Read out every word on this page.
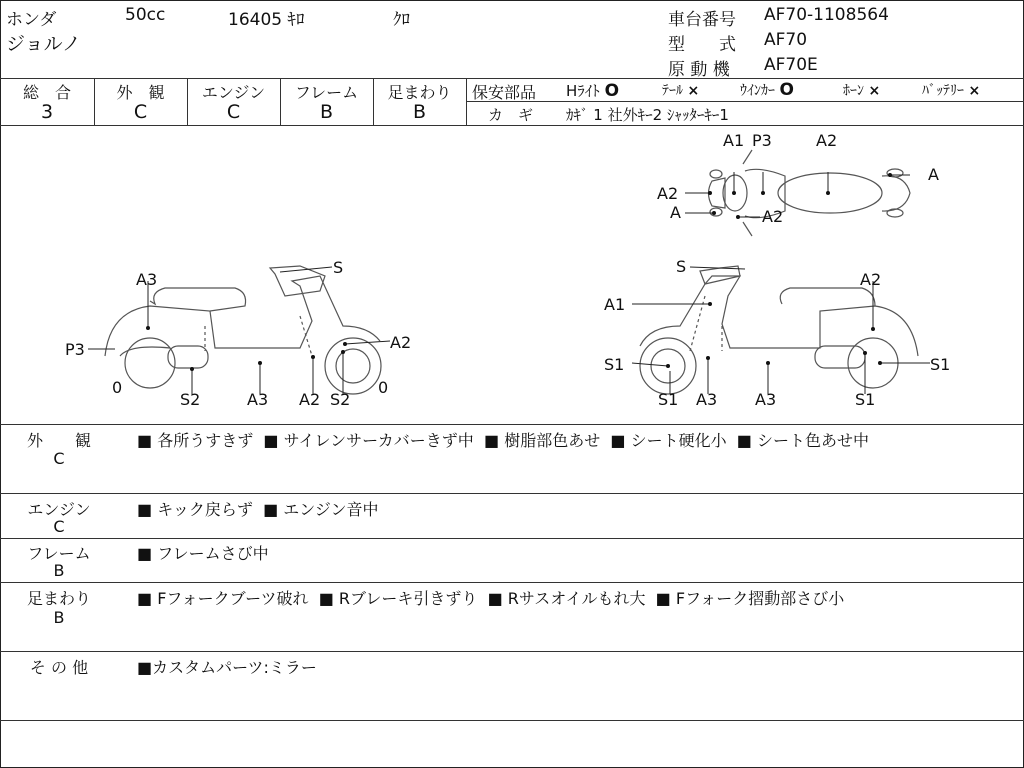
ホンダ	50cc	16405 ｷﾛ	ｸﾛ
ジョルノ
車台番号 AF70-1108564
型　　式 AF70
原 動 機 AF70E
総　合
3
外　観
C
エンジン
C
フレーム
B
足まわり
B
保安部品 Hﾗｲﾄ O	ﾃｰﾙ ×	ｳｲﾝｶｰ O	ﾎｰﾝ ×	ﾊﾞｯﾃﾘｰ ×
カ　ギ ｶｷﾞ 1 社外ｷｰ2 ｼｬｯﾀｰｷｰ1
A1 P3	A2
A
A2
A	A2
S
A3
P3
0
S2	A3 A2 S2
A2
0
S
A1
A2
S1
S1 A3 A3
S1
S1
外　　観
C
■ 各所うすきず ■ サイレンサーカバーきず中 ■ 樹脂部色あせ ■ シート硬化小 ■ シート色あせ中
エンジン
C
■ キック戻らず ■ エンジン音中
フレーム
B
■ フレームさび中
足まわり
B
■ Fフォークブーツ破れ ■ Rブレーキ引きずり ■ Rサスオイルもれ大 ■ Fフォーク摺動部さび小
そ の 他	■カスタムパーツ:ミラー
